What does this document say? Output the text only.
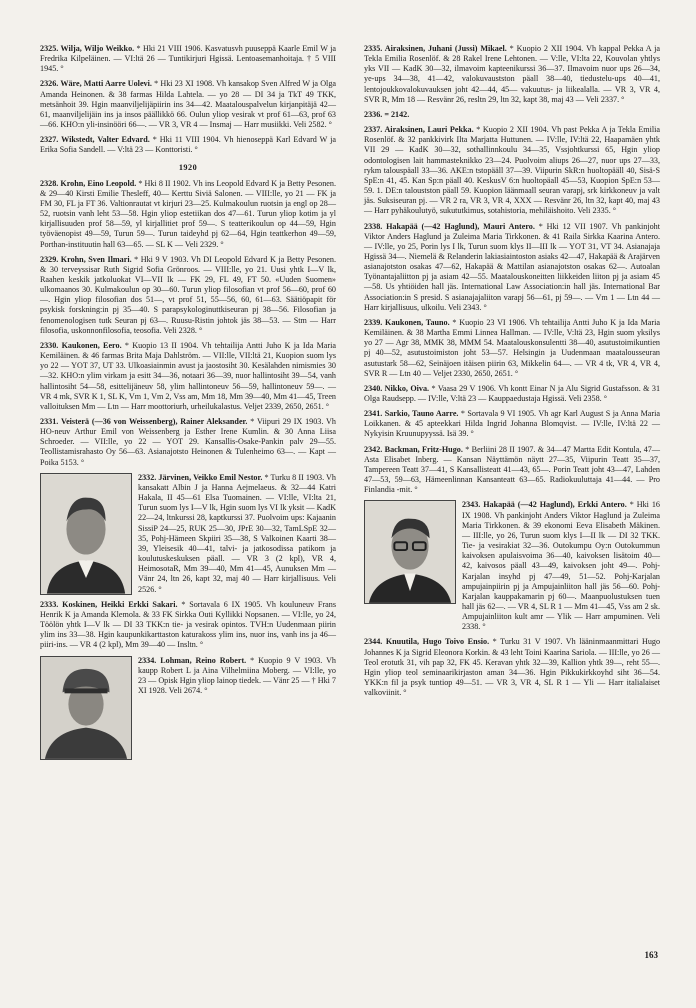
2325. Wilja, Wiljo Weikko. * Hki 21 VIII 1906. Kasvatusvh puuseppä Kaarle Emil W ja Fredrika Kilpeläinen. — VI:ltä 26 — Tuntikirjuri Hgissä. Lentoasemanhoitaja. † 5 VIII 1945. °

2326. Wäre, Matti Aarre Uolevi. * Hki 23 XI 1908. Vh kansakop Sven Alfred W ja Olga Amanda Heinonen. & 38 farmas Hilda Lahtela. — yo 28 — DI 34 ja TkT 49 TKK, metsänhoit 39. Hgin maanviljelijäpiirin ins 34—42. Maatalouspalvelun kirjanpitäjä 42—61, maanviljelijäin ins ja insos päällikkö 66. Oulun yliop vesirak vt prof 61—63, prof 63—66. KHO:n yli-insinööri 66—. — VR 3, VR 4 — Insmaj — Harr musiikki. Veli 2582. °

2327. Wikstedt, Valter Edvard. * Hki 11 VIII 1904. Vh hienoseppä Karl Edvard W ja Erika Sofia Sandell. — V:ltä 23 — Konttoristi. °

1920

2328. Krohn, Eino Leopold. * Hki 8 II 1902. Vh ins Leopold Edvard K ja Betty Pesonen. & 29—40 Kirsti Emilie Thesleff, 40— Kerttu Siviä Salonen. — VIII:lle, yo 21 — FK ja FM 30, FL ja FT 36. Valtionrautat vt kirjuri 23—25. Kulmakoulun ruotsin ja engl op 28—52, ruotsin vanh leht 53—58. Hgin yliop estetiikan dos 47—61. Turun yliop kotim ja yl kirjallisuuden prof 58—59, yl kirjallitiet prof 59—. S teatterikoulun op 44—59, Hgin työväenopist 49—59, Turun 59—. Turun taideyhd pj 62—64, Hgin teattkerhon 49—59, Porthan-instituutin hall 63—65. — SL K — Veli 2329. °

2329. Krohn, Sven Ilmari. * Hki 9 V 1903. Vh DI Leopold Edvard K ja Betty Pesonen. & 30 terveyssisar Ruth Sigrid Sofia Grönroos. — VIII:lle, yo 21. Uusi yhtk I—V lk, Raahen keskik jatkoluokat VI—VII lk — FK 29, FL 49, FT 50. «Uuden Suomen» ulkomaanos 30. Kulmakoulun op 30—60. Turun yliop filosofian vt prof 56—60, prof 60—. Hgin yliop filosofian dos 51—, vt prof 51, 55—56, 60, 61—63. Säätiöpapit för psykisk forskning:in pj 35—40. S parapsykologinuttkiseuran pj 38—56. Filosofian ja fenomenologisen tutk Seuran pj 63—. Ruusu-Ristin johtok jäs 38—53. — Stm — Harr filosofia, uskonnonfilosofia, teosofia. Veli 2328. °

2330. Kaukonen, Eero. * Kuopio 13 II 1904. Vh tehtailija Antti Juho K ja Ida Maria Kemiläinen. & 46 farmas Brita Maja Dahlström. — VII:lle, VII:ltä 21, Kuopion suom lys yo 22 — YOT 37, UT 33. Ulkoasiainmin avust ja jaostosiht 30. Kesälahden nimismies 30—32. KHO:n ylim virkam ja esitt 34—36, notaari 36—39, nuor hallintosiht 39—54, vanh hallintosiht 54—58, esittelijäneuv 58, ylim hallintoneuv 56—59, hallintoneuv 59—. — VR 4 mk, SVR K 1, SL K, Vm 1, Vm 2, Vss am, Mm 18, Mm 39—40, Mm 41—45, Treen valloituksen Mm — Ltn — Harr moottoriurh, urheilukalastus. Veljet 2339, 2650, 2651. °

2331. Veisterä (—36 von Weissenberg), Rainer Aleksander. * Viipuri 29 IX 1903. Vh HO-neuv Arthur Emil von Weissenberg ja Esther Irene Kumlin. & 30 Anna Liisa Schroeder. — VII:lle, yo 22 — YOT 29. Kansallis-Osake-Pankin palv 29—55. Teollistamisrahasto Oy 56—63. Asianajotsto Heinonen & Tulenheimo 63—. — Kapt — Poika 5153. °

2332. Järvinen, Veikko Emil Nestor. * Turku 8 II 1903. Vh kansakatt Albin J ja Hanna Aejmelaeus. & 32—44 Katri Hakala, II 45—61 Elsa Tuomainen. — VI:lle, VI:lta 21, Turun suom lys I—V lk, Hgin suom lys VI lk yksit — KadK 22—24, ltnkurssi 28, kaptkurssi 37. Puolvoim ups: Kajaanin SissiP 24—25, RUK 25—30, JPrE 30—32, TamLSpE 32—35, Pohj-Hämeen Skpiiri 35—38, S Valkoinen Kaarti 38—39, Yleisesik 40—41, talvi- ja jatkosodissa patikom ja koulutuskeskuksen päall. — VR 3 (2 kpl), VR 4, HeimosotaR, Mm 39—40, Mm 41—45, Aunuksen Mm — Vänr 24, ltn 26, kapt 32, maj 40 — Harr kirjallisuus. Veli 2526. °

2333. Koskinen, Heikki Erkki Sakari. * Sortavala 6 IX 1905. Vh kouluneuv Frans Henrik K ja Amanda Klemola. & 33 FK Sirkka Outi Kyllikki Nopsanen. — VI:lle, yo 24, Töölön yhtk I—V lk — DI 33 TKK:n tie- ja vesirak opintos. TVH:n Uudenmaan piirin ylim ins 33—38. Hgin kaupunkikarttaston katurakoss ylim ins, nuor ins, vanh ins ja 46— piiri-ins. — VR 4 (2 kpl), Mm 39—40 — Insltn. °

2334. Lohman, Reino Robert. * Kuopio 9 V 1903. Vh kaupp Robert L ja Aina Vilhelmiina Moberg. — VI:lle, yo 23 — Opisk Hgin yliop lainop tiedek. — Vänr 25 — † Hki 7 XI 1928. Veli 2674. °

2335. Airaksinen, Juhani (Jussi) Mikael. * Kuopio 2 XII 1904. Vh kappal Pekka A ja Tekla Emilia Rosenlöf. & 28 Rakel Irene Lehtonen. — V:lle, VI:lta 22, Kouvolan yhtlys yks VII — KadK 30—32, ilmavoim kapteenikurssi 36—37. Ilmavoim nuor ups 26—34, ye-ups 34—38, 41—42, valokuvaustston päall 38—40, tiedustelu-ups 40—41, lentojoukkovalokuvauksen joht 42—44, 45— vakuutus- ja liikealalla. — VR 3, VR 4, SVR R, Mm 18 — Resvänr 26, resltn 29, ltn 32, kapt 38, maj 43 — Veli 2337. °

2336. = 2142.

2337. Airaksinen, Lauri Pekka. * Kuopio 2 XII 1904. Vh past Pekka A ja Tekla Emilia Rosenlöf. & 32 pankkivirk Ilta Marjatta Huttunen. — IV:lle, IV:ltä 22, Haapamäen yhtk VII 29 — KadK 30—32, sothallinnkoulu 34—35, Vssjohtkurssi 65, Hgin yliop odontologisen lait hammasteknikko 23—24. Puolvoim aliups 26—27, nuor ups 27—33, rykm talouspäall 33—36. AKE:n tstopääll 37—39. Viipurin SkR:n huoltopääll 40, Sisä-S SpE:n 41, 45. Kan Sp:n päall 40. KeskusV 6:n huoltopäall 45—53, Kuopion SpE:n 53—59. 1. DE:n taloustston päall 59. Kuopion läänmaall seuran varapj, srk kirkkoneuv ja valt jäs. Suksiseuran pj. — VR 2 ra, VR 3, VR 4, XXX — Resvänr 26, ltn 32, kapt 40, maj 43 — Harr pyhäkoulutyö, sukututkimus, sotahistoria, mehiläishoito. Veli 2335. °

2338. Hakapää (—42 Haglund), Mauri Antero. * Hki 12 VII 1907. Vh pankinjoht Viktor Anders Haglund ja Zuleima Maria Tirkkonen. & 41 Raila Sirkka Kaarina Antero. — IV:lle, yo 25, Porin lys I lk, Turun suom klys II—III lk — YOT 31, VT 34. Asianajaja Hgissä 34—. Niemelä & Relanderin lakiasiaintoston asiaks 42—47, Hakapää & Arajärven asianajotston osakas 47—62, Hakapää & Mattilan asianajotston osakas 62—. Autoalan Työnantajaliitton pj ja asiam 42—55. Maatalouskoneitten liikkeiden liiton pj ja asiam 45—58. Us yhtiöiden hall jäs. International Law Association:in hall jäs. International Bar Association:in S presid. S asianajajaliiton varapj 56—61, pj 59—. — Vm 1 — Ltn 44 — Harr kirjallisuus, ulkoilu. Veli 2343. °

2339. Kaukonen, Tauno. * Kuopio 23 VI 1906. Vh tehtailija Antti Juho K ja Ida Maria Kemiläinen. & 38 Martha Emmi Linnea Hallman. — IV:lle, V:ltä 23, Hgin suom yksilys yo 27 — Agr 38, MMK 38, MMM 54. Maatalouskonsulentti 38—40, asutustoimikuntien pj 40—52, asutustoimiston joht 53—57. Helsingin ja Uudenmaan maatalousseuran asutustark 58—62, Seinäjoen itäisen piirin 63, Mikkelin 64—. — VR 4 tk, VR 4, VR 4, SVR R — Ltn 40 — Veljet 2330, 2650, 2651. °

2340. Nikko, Oiva. * Vaasa 29 V 1906. Vh kontt Einar N ja Alu Sigrid Gustafsson. & 31 Olga Raudsepp. — IV:lle, V:ltä 23 — Kauppaedustaja Hgissä. Veli 2358. °

2341. Sarkio, Tauno Aarre. * Sortavala 9 VI 1905. Vh agr Karl August S ja Anna Maria Loikkanen. & 45 apteekkari Hilda Ingrid Johanna Blomqvist. — IV:lle, IV:ltä 22 — Nykyisin Kruunupyyssä. Isä 39. °

2342. Backman, Fritz-Hugo. * Berliini 28 II 1907. & 34—47 Martta Edit Kontula, 47— Asta Elisabet Inberg. — Kansan Näyttämön näytt 27—35, Viipurin Teatt 35—37, Tampereen Teatt 37—41, S Kansallisteatt 41—43, 65—. Porin Teatt joht 43—47, Lahden 47—53, 59—63, Hämeenlinnan Kansanteatt 63—65. Radiokuuluttaja 41—44. — Pro Finlandia -mit. °

2343. Hakapää (—42 Haglund), Erkki Antero. * Hki 16 IX 1908. Vh pankinjoht Anders Viktor Haglund ja Zuleima Maria Tirkkonen. & 39 ekonomi Eeva Elisabeth Mäkinen. — III:lle, yo 26, Turun suom klys I—II lk — DI 32 TKK. Tie- ja vesirakiat 32—36. Outokumpu Oy:n Outokummun kaivoksen apulaisvoima 36—40, kaivoksen lisätoim 40—42, kaivosos päall 43—49, kaivoksen joht 49—. Pohj-Karjalan insyhd pj 47—49, 51—52. Pohj-Karjalan ampujainpiirin pj ja Ampujainliiton hall jäs 56—60. Pohj-Karjalan kauppakamarin pj 60—. Maanpuolustuksen tuen hall jäs 62—. — VR 4, SL R 1 — Mm 41—45, Vss am 2 sk. Ampujainliiton kult amr — Ylik — Harr ampuminen. Veli 2338. °

2344. Knuutila, Hugo Toivo Ensio. * Turku 31 V 1907. Vh lääninmaanmittari Hugo Johannes K ja Sigrid Eleonora Korkin. & 43 leht Toini Kaarina Sariola. — III:lle, yo 26 — Teol erotutk 31, vih pap 32, FK 45. Keravan yhtk 32—39, Kallion yhtk 39—, reht 55—. Hgin yliop teol seminaarikirjaston aman 34—36. Hgin Pikkukirkkoyhd siht 36—54. YKK:n fil ja psyk tuntiop 49—51. — VR 3, VR 4, SL R 1 — Yli — Harr italialaiset valkoviinit. °

163
